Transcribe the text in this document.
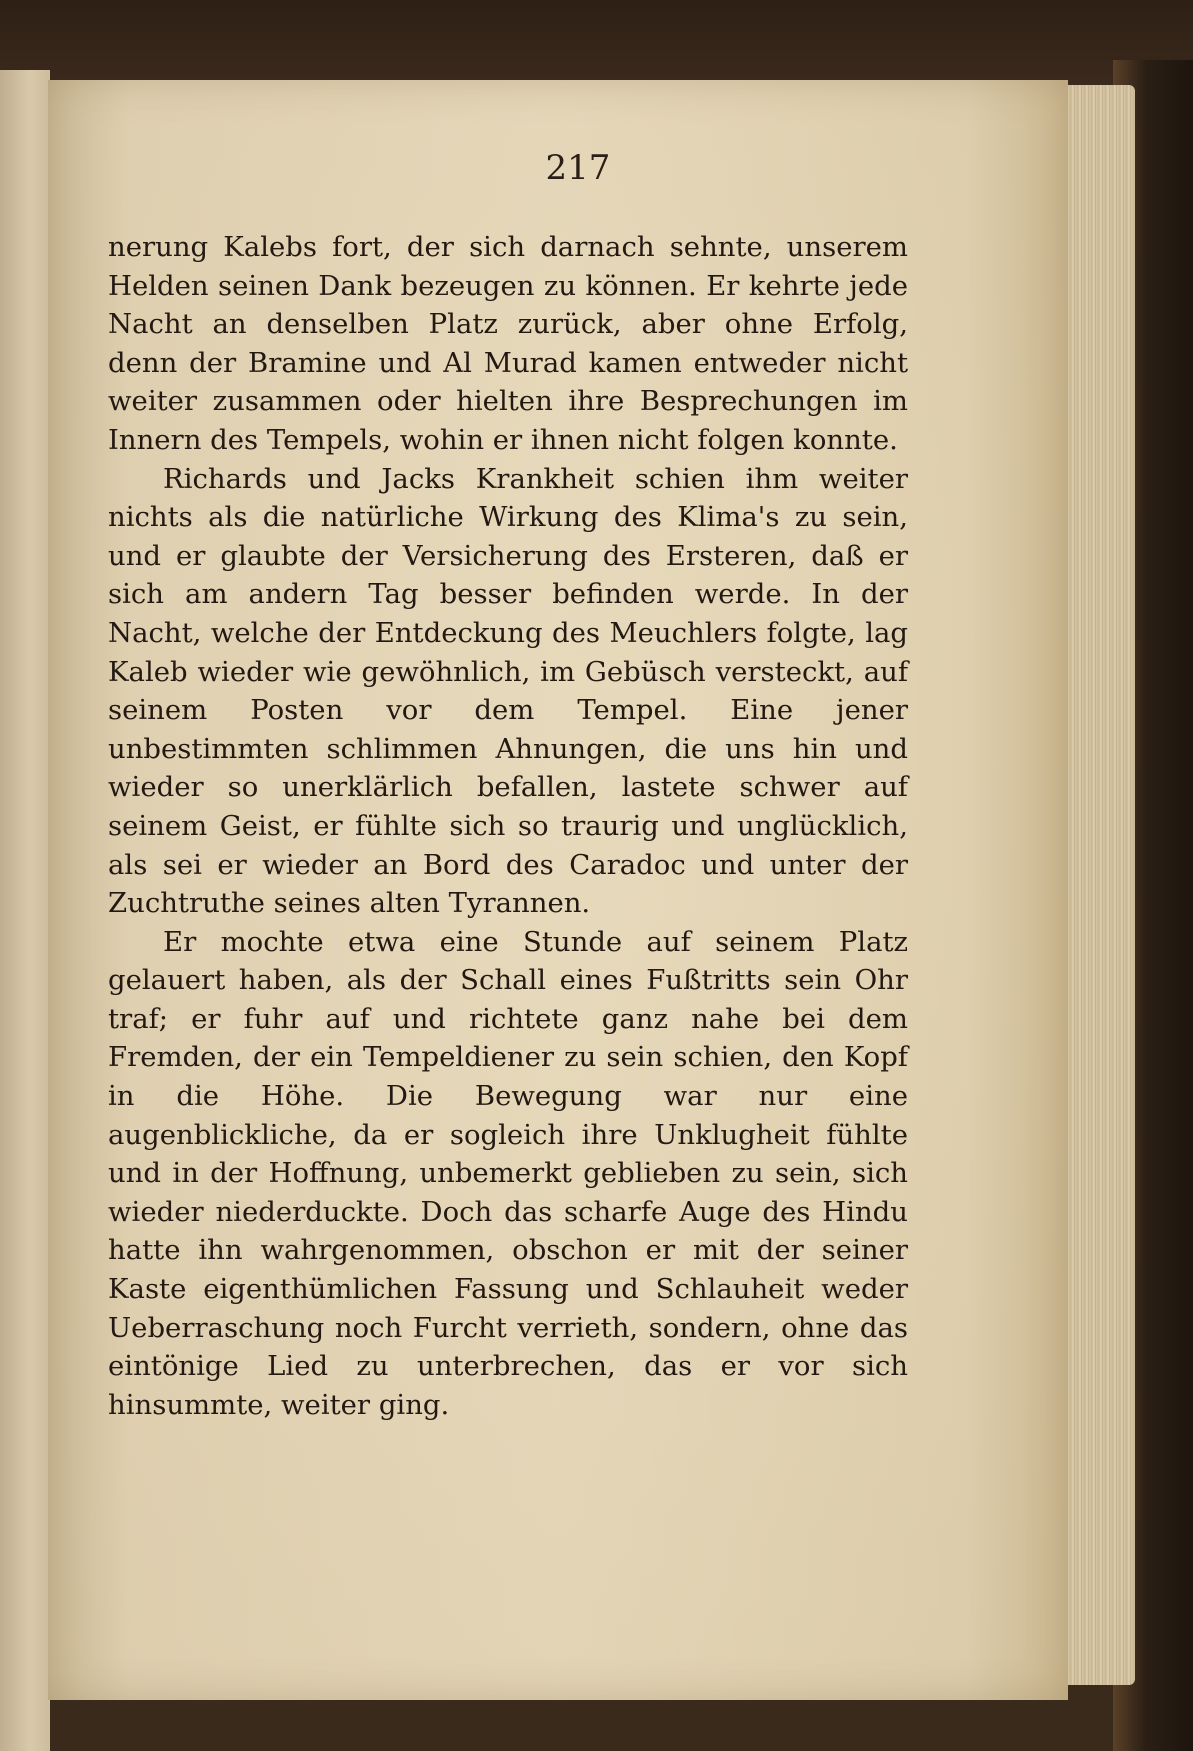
217

nerung Kalebs fort, der sich darnach sehnte, unserem Helden seinen Dank bezeugen zu können. Er kehrte jede Nacht an denselben Platz zurück, aber ohne Erfolg, denn der Bramine und Al Murad kamen entweder nicht weiter zusammen oder hielten ihre Besprechungen im Innern des Tempels, wohin er ihnen nicht folgen konnte.

Richards und Jacks Krankheit schien ihm weiter nichts als die natürliche Wirkung des Klima's zu sein, und er glaubte der Versicherung des Ersteren, daß er sich am andern Tag besser befinden werde. In der Nacht, welche der Entdeckung des Meuchlers folgte, lag Kaleb wieder wie gewöhnlich, im Gebüsch versteckt, auf seinem Posten vor dem Tempel. Eine jener unbestimmten schlimmen Ahnungen, die uns hin und wieder so unerklärlich befallen, lastete schwer auf seinem Geist, er fühlte sich so traurig und unglücklich, als sei er wieder an Bord des Caradoc und unter der Zuchtruthe seines alten Tyrannen.

Er mochte etwa eine Stunde auf seinem Platz gelauert haben, als der Schall eines Fußtritts sein Ohr traf; er fuhr auf und richtete ganz nahe bei dem Fremden, der ein Tempeldiener zu sein schien, den Kopf in die Höhe. Die Bewegung war nur eine augenblickliche, da er sogleich ihre Unklugheit fühlte und in der Hoffnung, unbemerkt geblieben zu sein, sich wieder niederduckte. Doch das scharfe Auge des Hindu hatte ihn wahrgenommen, obschon er mit der seiner Kaste eigenthümlichen Fassung und Schlauheit weder Ueberraschung noch Furcht verrieth, sondern, ohne das eintönige Lied zu unterbrechen, das er vor sich hinsummte, weiter ging.
